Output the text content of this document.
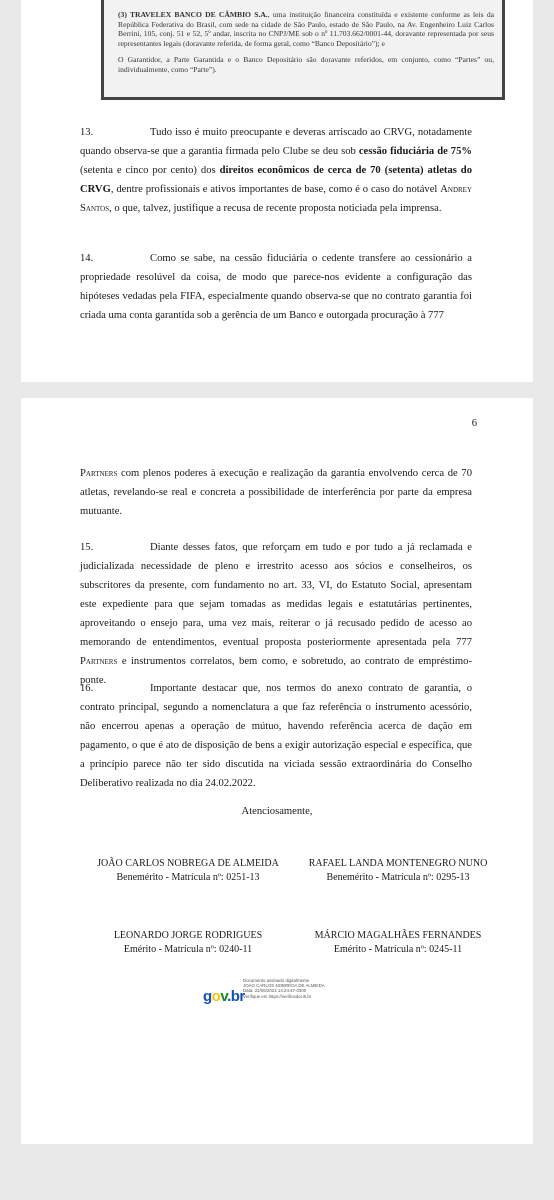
(3) TRAVELEX BANCO DE CÂMBIO S.A., uma instituição financeira constituída e existente conforme as leis da República Federativa do Brasil, com sede na cidade de São Paulo, estado de São Paulo, na Av. Engenheiro Luiz Carlos Berrini, 105, conj. 51 e 52, 5º andar, inscrita no CNPJ/ME sob o nº 11.703.662/0001-44, doravante representada por seus representantes legais (doravante referida, de forma geral, como “Banco Depositário”); e

O Garantidor, a Parte Garantida e o Banco Depositário são doravante referidos, em conjunto, como “Partes” ou, individualmente, como “Parte”).

13.	Tudo isso é muito preocupante e deveras arriscado ao CRVG, notadamente quando observa-se que a garantia firmada pelo Clube se deu sob cessão fiduciária de 75% (setenta e cinco por cento) dos direitos econômicos de cerca de 70 (setenta) atletas do CRVG, dentre profissionais e ativos importantes de base, como é o caso do notável Andrey Santos, o que, talvez, justifique a recusa de recente proposta noticiada pela imprensa.

14.	Como se sabe, na cessão fiduciária o cedente transfere ao cessionário a propriedade resolúvel da coisa, de modo que parece-nos evidente a configuração das hipóteses vedadas pela FIFA, especialmente quando observa-se que no contrato garantia foi criada uma conta garantida sob a gerência de um Banco e outorgada procuração à 777

6

Partners com plenos poderes à execução e realização da garantia envolvendo cerca de 70 atletas, revelando-se real e concreta a possibilidade de interferência por parte da empresa mutuante.

15.	Diante desses fatos, que reforçam em tudo e por tudo a já reclamada e judicializada necessidade de pleno e irrestrito acesso aos sócios e conselheiros, os subscritores da presente, com fundamento no art. 33, VI, do Estatuto Social, apresentam este expediente para que sejam tomadas as medidas legais e estatutárias pertinentes, aproveitando o ensejo para, uma vez mais, reiterar o já recusado pedido de acesso ao memorando de entendimentos, eventual proposta posteriormente apresentada pela 777 Partners e instrumentos correlatos, bem como, e sobretudo, ao contrato de empréstimo-ponte.

16.	Importante destacar que, nos termos do anexo contrato de garantia, o contrato principal, segundo a nomenclatura a que faz referência o instrumento acessório, não encerrou apenas a operação de mútuo, havendo referência acerca de dação em pagamento, o que é ato de disposição de bens a exigir autorização especial e específica, que a princípio parece não ter sido discutida na viciada sessão extraordinária do Conselho Deliberativo realizada no dia 24.02.2022.

Atenciosamente,
JOÃO CARLOS NOBREGA DE ALMEIDA
Benemérito - Matrícula nº: 0251-13
RAFAEL LANDA MONTENEGRO NUNO
Benemérito - Matrícula nº: 0295-13
LEONARDO JORGE RODRIGUES
Emérito - Matrícula nº: 0240-11
MÁRCIO MAGALHÃES FERNANDES
Emérito - Matrícula nº: 0245-11
gov.br
Documento assinado digitalmente
JOAO CARLOS NOBREGA DE ALMEIDA
Data: 22/05/2022 14:24:47-0300
Verifique em https://verificador.iti.br
